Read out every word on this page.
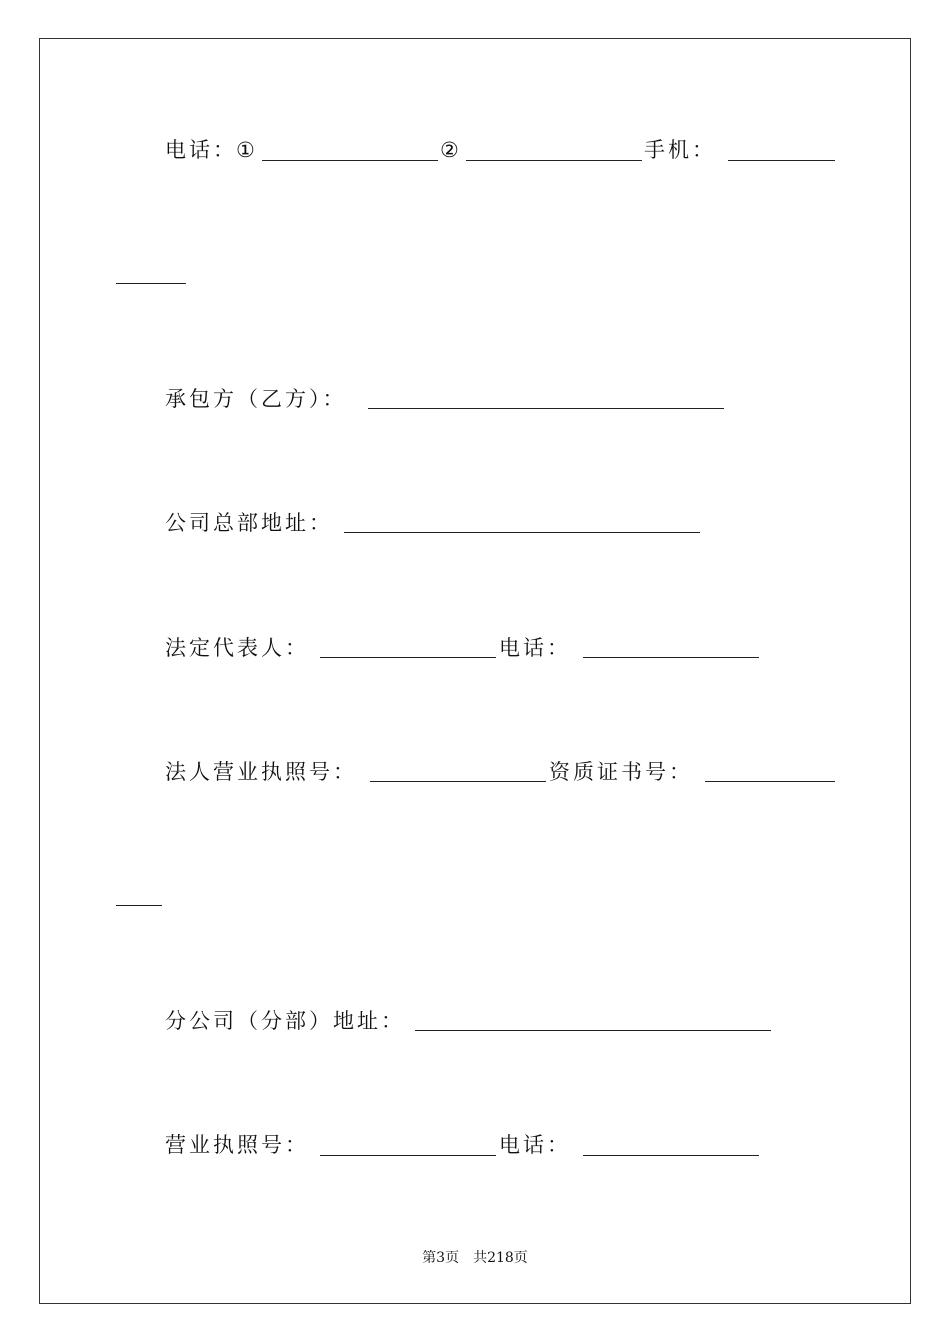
电话： ①	②	手机：
承包方（乙方）：
公司总部地址：
法定代表人：	电话：
法人营业执照号：	资质证书号：
分公司（分部）地址：
营业执照号：	电话：
第3页　共218页
